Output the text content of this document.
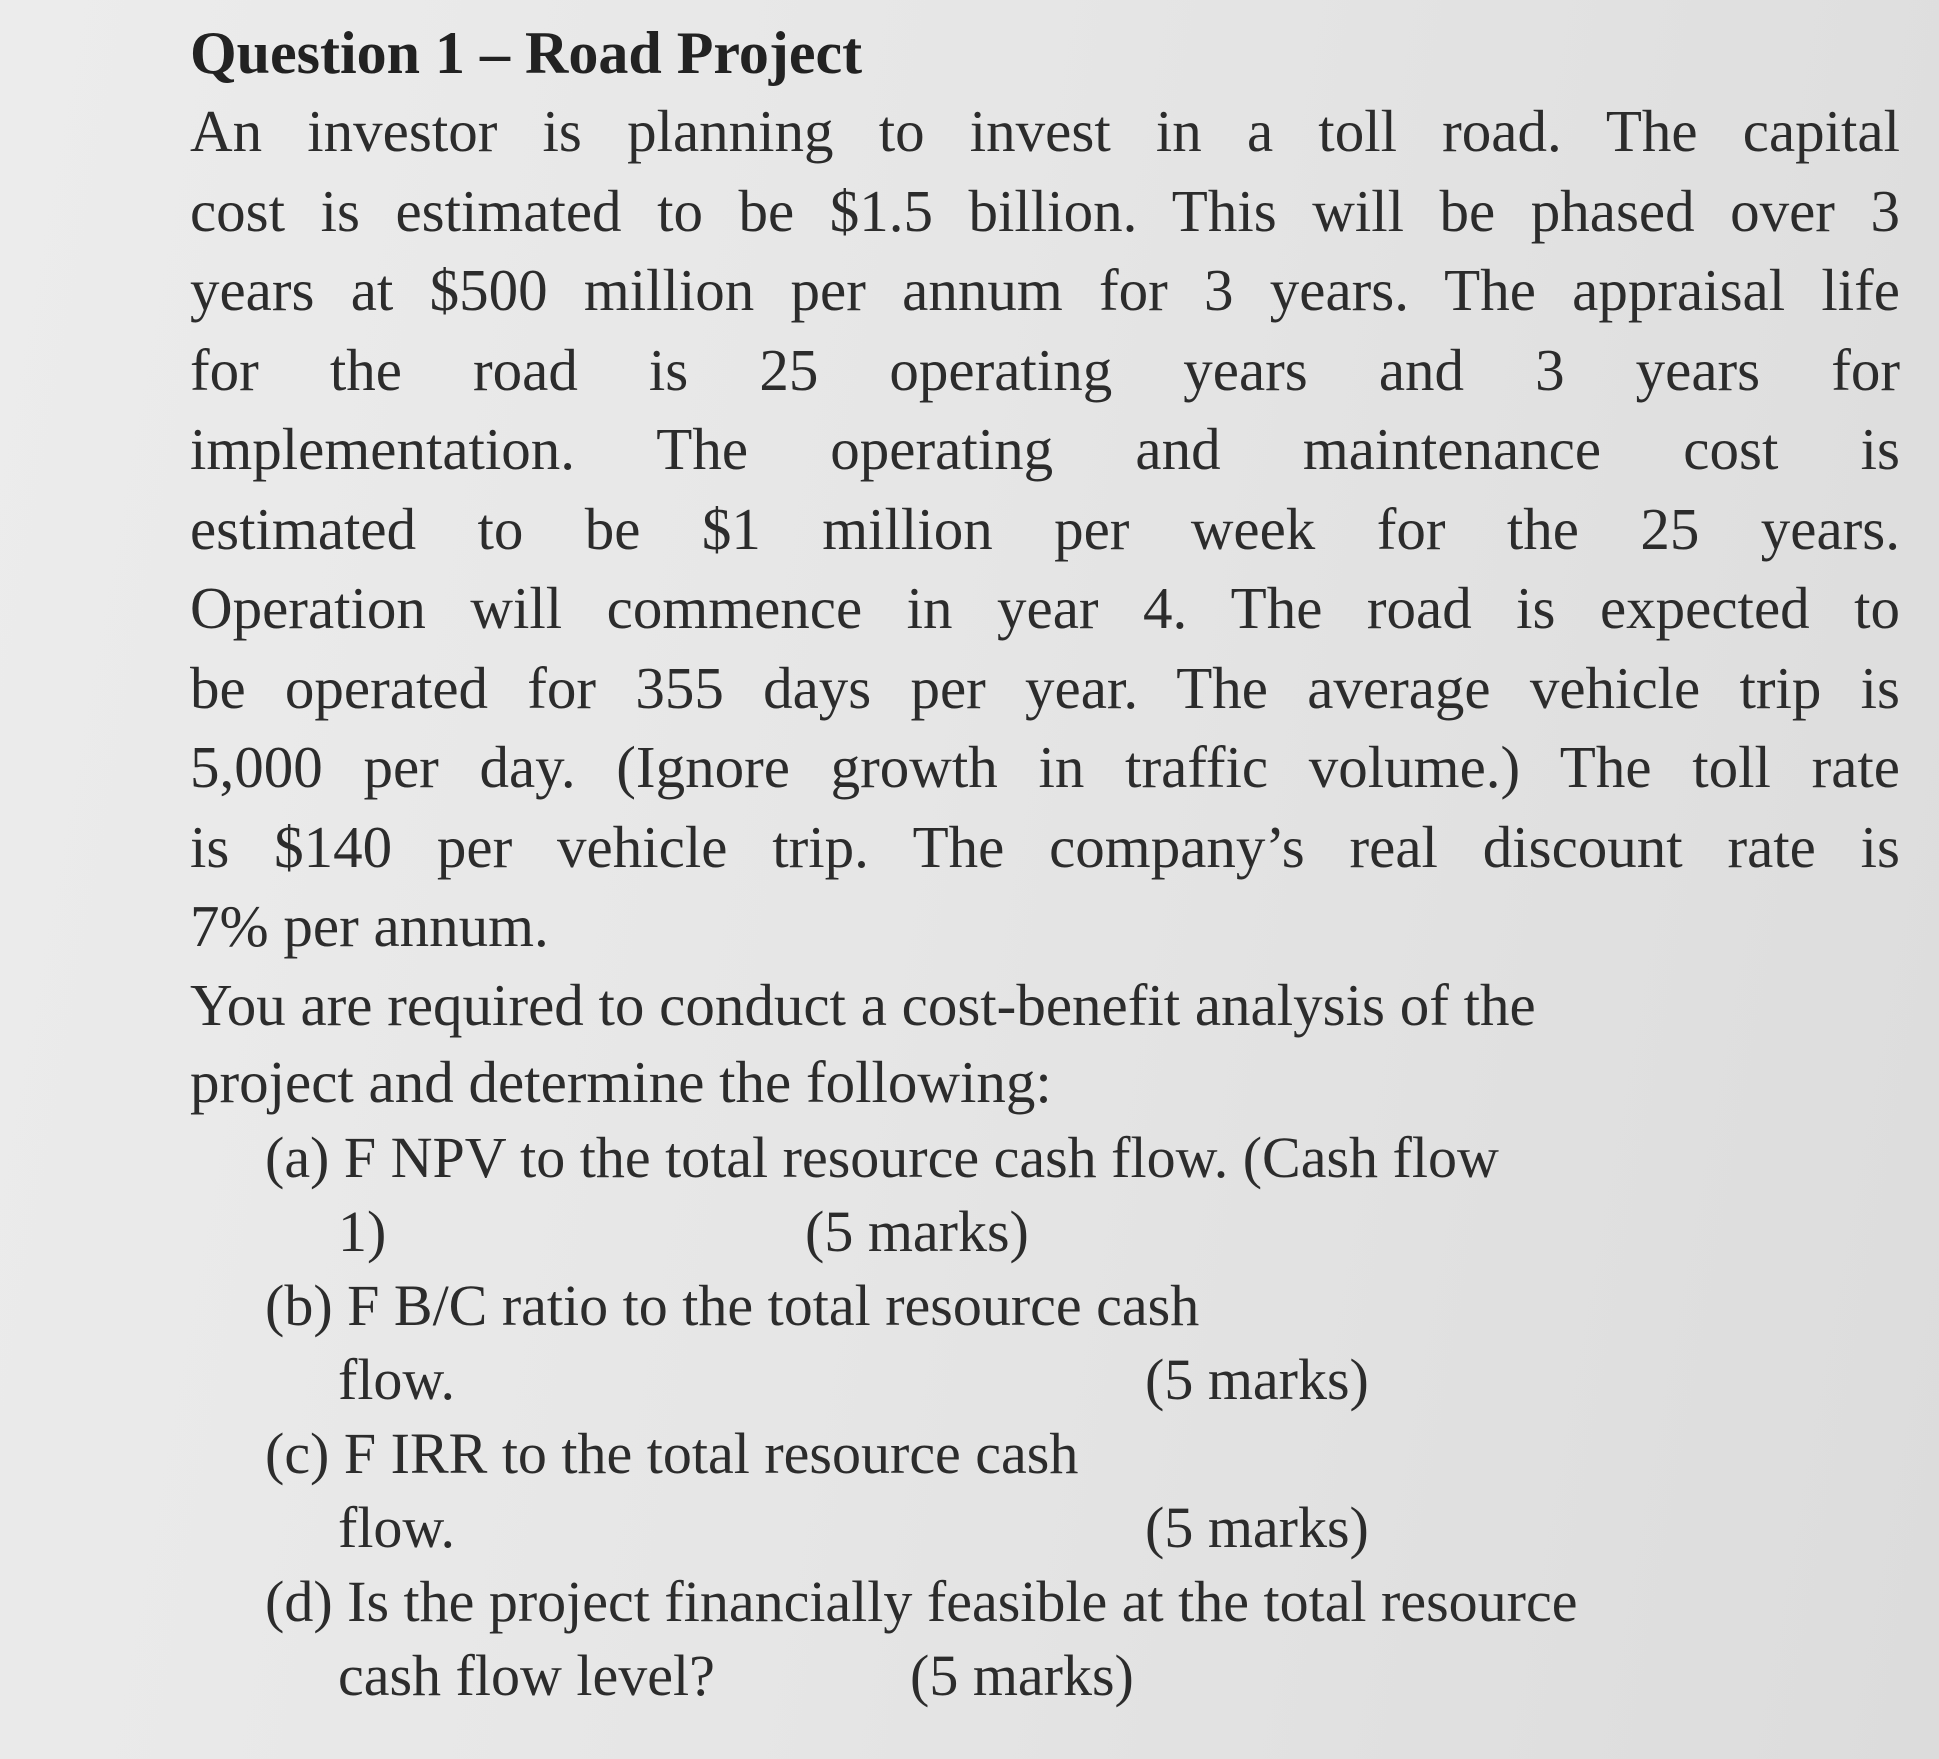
Question 1 – Road Project
An investor is planning to invest in a toll road. The capital
cost is estimated to be $1.5 billion. This will be phased over 3
years at $500 million per annum for 3 years. The appraisal life
for the road is 25 operating years and 3 years for
implementation. The operating and maintenance cost is
estimated to be $1 million per week for the 25 years.
Operation will commence in year 4. The road is expected to
be operated for 355 days per year. The average vehicle trip is
5,000 per day. (Ignore growth in traffic volume.) The toll rate
is $140 per vehicle trip. The company’s real discount rate is
7% per annum.
You are required to conduct a cost-benefit analysis of the
project and determine the following:
(a) F NPV to the total resource cash flow. (Cash flow
1)	(5 marks)
(b) F B/C ratio to the total resource cash
flow.	(5 marks)
(c) F IRR to the total resource cash
flow.	(5 marks)
(d) Is the project financially feasible at the total resource
cash flow level?	(5 marks)
